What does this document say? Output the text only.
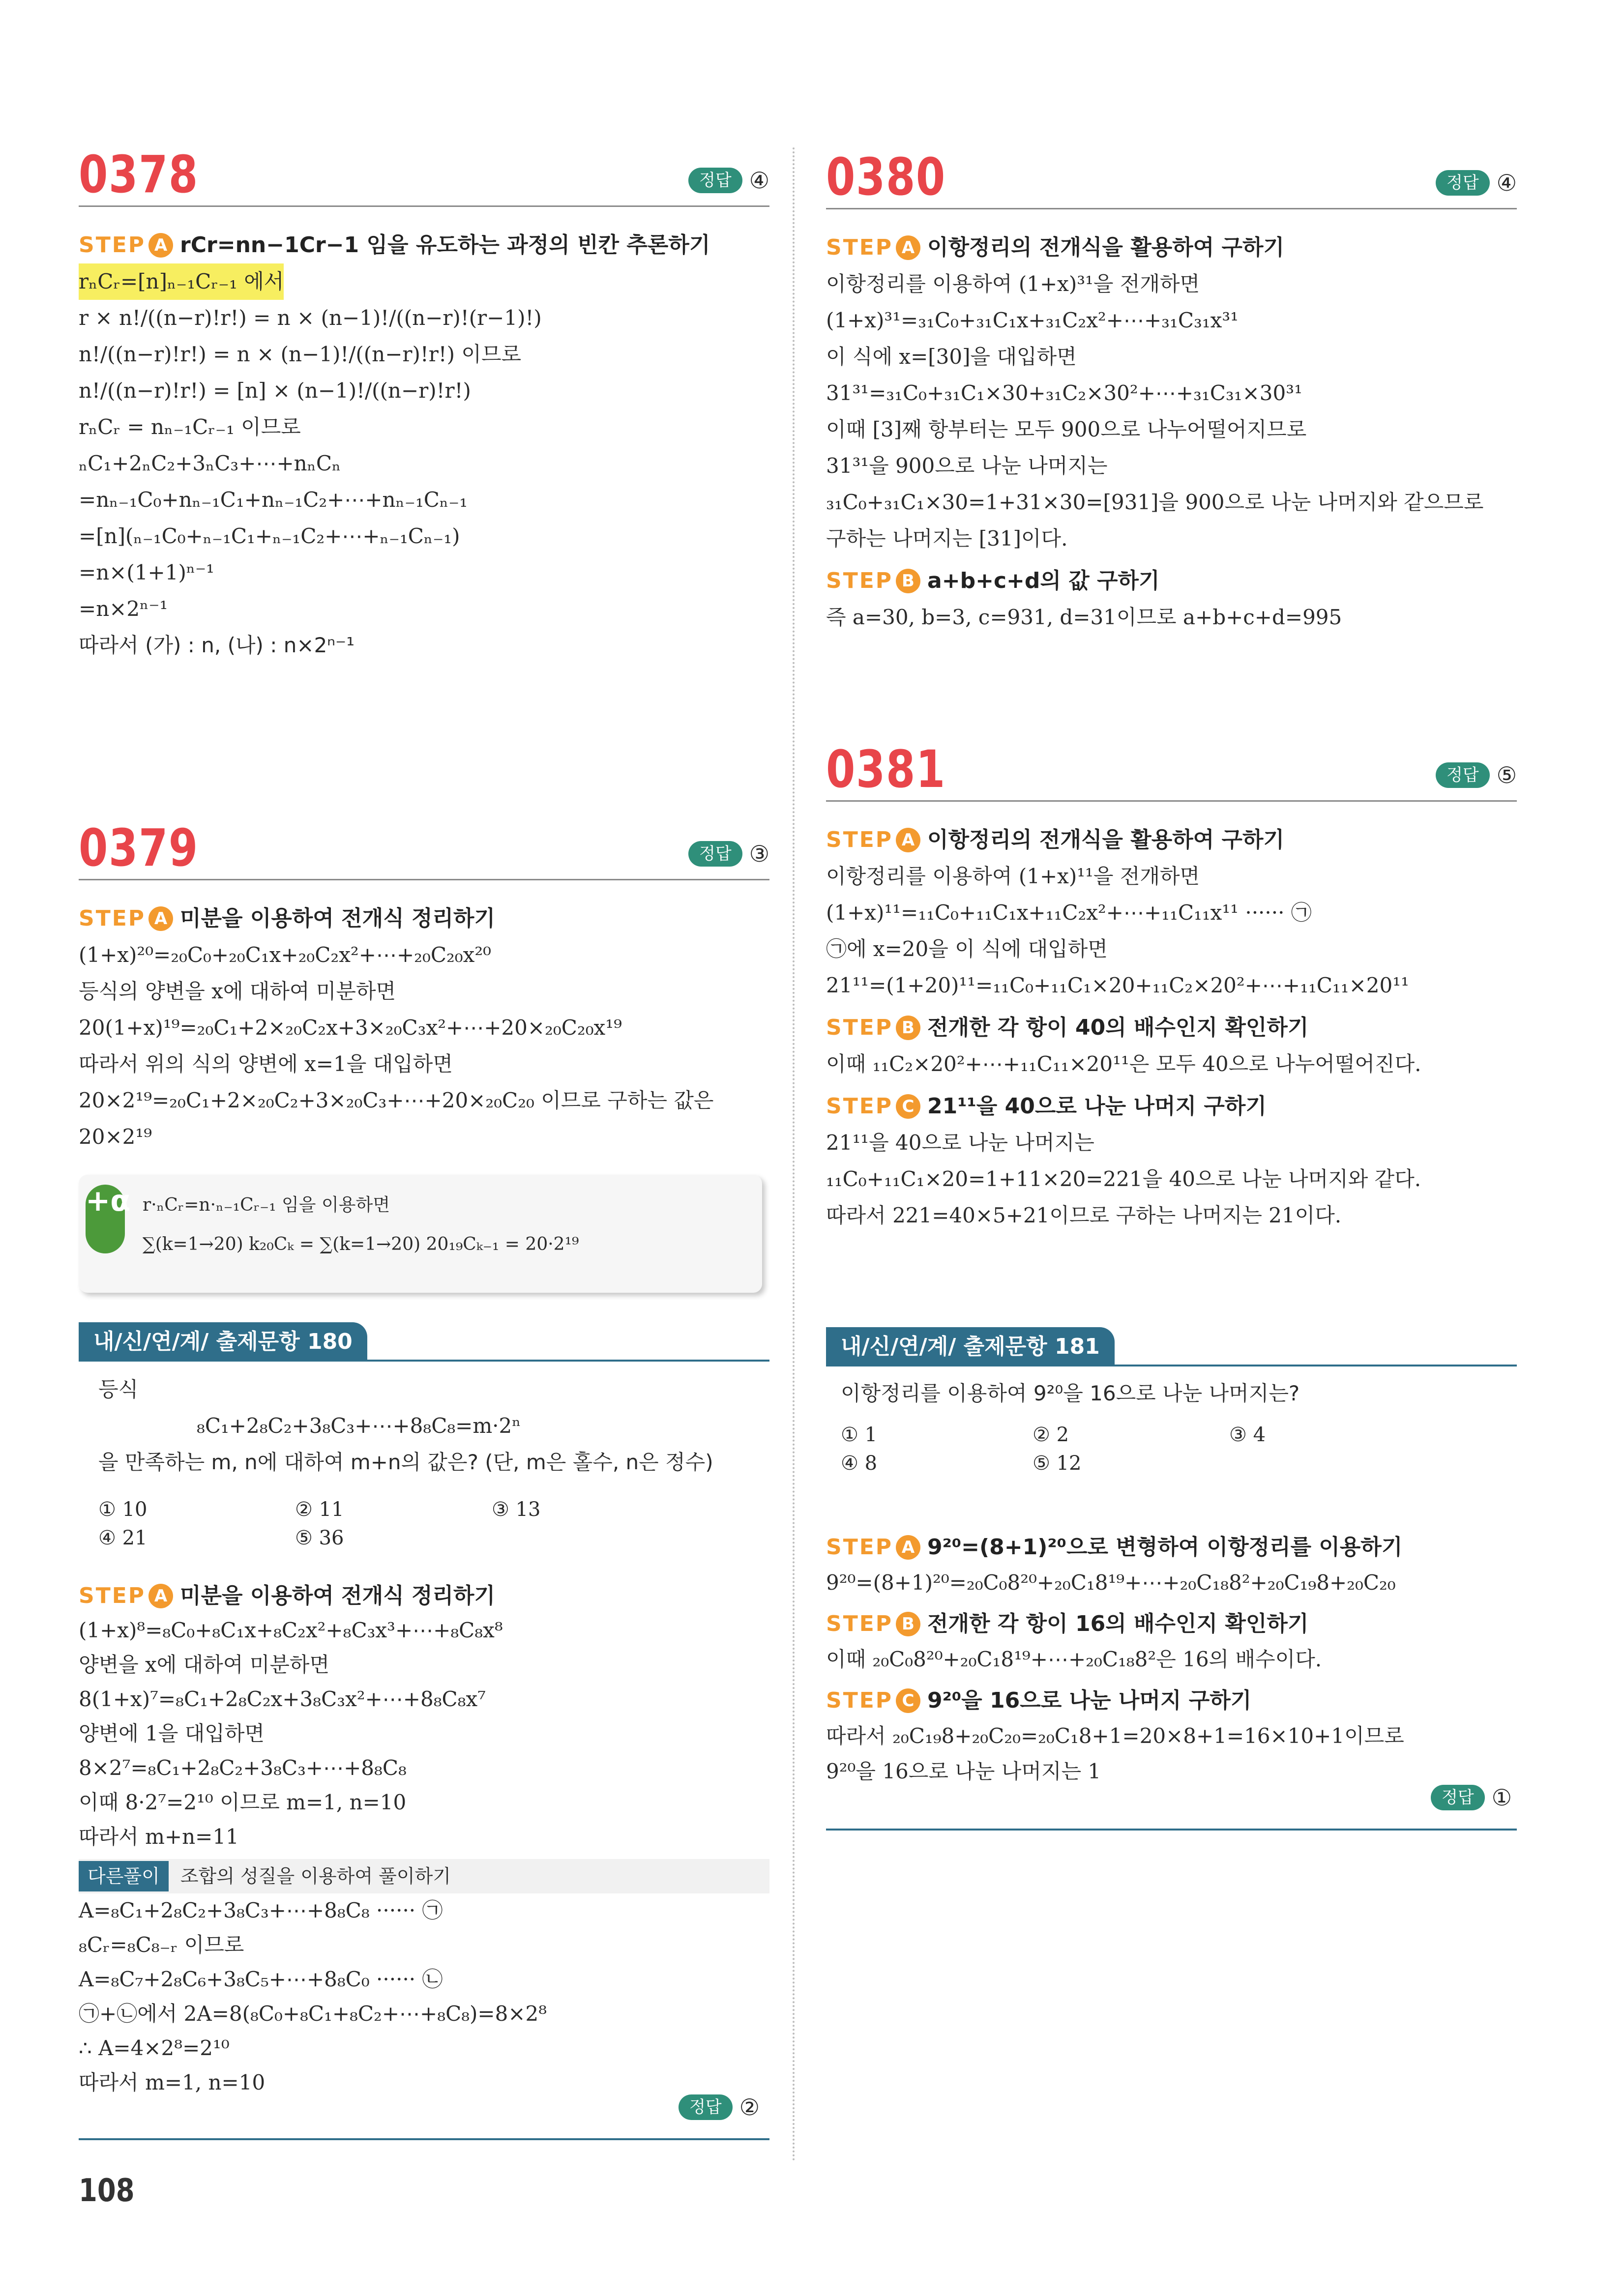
0378	정답 ④
STEP A rCr=nn−1Cr−1 임을 유도하는 과정의 빈칸 추론하기
rₙCᵣ=[n]ₙ₋₁Cᵣ₋₁ 에서
r × n!/((n−r)!r!) = n × (n−1)!/((n−r)!(r−1)!)
n!/((n−r)!r!) = n × (n−1)!/((n−r)!r!) 이므로
n!/((n−r)!r!) = [n] × (n−1)!/((n−r)!r!)
rₙCᵣ = nₙ₋₁Cᵣ₋₁ 이므로
ₙC₁+2ₙC₂+3ₙC₃+⋯+nₙCₙ
=nₙ₋₁C₀+nₙ₋₁C₁+nₙ₋₁C₂+⋯+nₙ₋₁Cₙ₋₁
=[n](ₙ₋₁C₀+ₙ₋₁C₁+ₙ₋₁C₂+⋯+ₙ₋₁Cₙ₋₁)
=n×(1+1)ⁿ⁻¹
=n×2ⁿ⁻¹
따라서 (가) : n, (나) : n×2ⁿ⁻¹
0379	정답 ③
STEP A 미분을 이용하여 전개식 정리하기
(1+x)²⁰=₂₀C₀+₂₀C₁x+₂₀C₂x²+⋯+₂₀C₂₀x²⁰
등식의 양변을 x에 대하여 미분하면
20(1+x)¹⁹=₂₀C₁+2×₂₀C₂x+3×₂₀C₃x²+⋯+20×₂₀C₂₀x¹⁹
따라서 위의 식의 양변에 x=1을 대입하면
20×2¹⁹=₂₀C₁+2×₂₀C₂+3×₂₀C₃+⋯+20×₂₀C₂₀ 이므로 구하는 값은
20×2¹⁹
+α r·ₙCᵣ=n·ₙ₋₁Cᵣ₋₁ 임을 이용하면
∑(k=1→20) k₂₀Cₖ = ∑(k=1→20) 20₁₉Cₖ₋₁ = 20·2¹⁹
내/신/연/계/ 출제문항 180
등식
₈C₁+2₈C₂+3₈C₃+⋯+8₈C₈=m·2ⁿ
을 만족하는 m, n에 대하여 m+n의 값은? (단, m은 홀수, n은 정수)
① 10	② 11	③ 13
④ 21	⑤ 36
STEP A 미분을 이용하여 전개식 정리하기
(1+x)⁸=₈C₀+₈C₁x+₈C₂x²+₈C₃x³+⋯+₈C₈x⁸
양변을 x에 대하여 미분하면
8(1+x)⁷=₈C₁+2₈C₂x+3₈C₃x²+⋯+8₈C₈x⁷
양변에 1을 대입하면
8×2⁷=₈C₁+2₈C₂+3₈C₃+⋯+8₈C₈
이때 8·2⁷=2¹⁰ 이므로 m=1, n=10
따라서 m+n=11
다른풀이	조합의 성질을 이용하여 풀이하기
A=₈C₁+2₈C₂+3₈C₃+⋯+8₈C₈ ······ ㉠
₈Cᵣ=₈C₈₋ᵣ 이므로
A=₈C₇+2₈C₆+3₈C₅+⋯+8₈C₀ ······ ㉡
㉠+㉡에서 2A=8(₈C₀+₈C₁+₈C₂+⋯+₈C₈)=8×2⁸
∴ A=4×2⁸=2¹⁰
따라서 m=1, n=10
정답 ②
0380	정답 ④
STEP A 이항정리의 전개식을 활용하여 구하기
이항정리를 이용하여 (1+x)³¹을 전개하면
(1+x)³¹=₃₁C₀+₃₁C₁x+₃₁C₂x²+⋯+₃₁C₃₁x³¹
이 식에 x=[30]을 대입하면
31³¹=₃₁C₀+₃₁C₁×30+₃₁C₂×30²+⋯+₃₁C₃₁×30³¹
이때 [3]째 항부터는 모두 900으로 나누어떨어지므로
31³¹을 900으로 나눈 나머지는
₃₁C₀+₃₁C₁×30=1+31×30=[931]을 900으로 나눈 나머지와 같으므로
구하는 나머지는 [31]이다.
STEP B a+b+c+d의 값 구하기
즉 a=30, b=3, c=931, d=31이므로 a+b+c+d=995
0381	정답 ⑤
STEP A 이항정리의 전개식을 활용하여 구하기
이항정리를 이용하여 (1+x)¹¹을 전개하면
(1+x)¹¹=₁₁C₀+₁₁C₁x+₁₁C₂x²+⋯+₁₁C₁₁x¹¹ ······ ㉠
㉠에 x=20을 이 식에 대입하면
21¹¹=(1+20)¹¹=₁₁C₀+₁₁C₁×20+₁₁C₂×20²+⋯+₁₁C₁₁×20¹¹
STEP B 전개한 각 항이 40의 배수인지 확인하기
이때 ₁₁C₂×20²+⋯+₁₁C₁₁×20¹¹은 모두 40으로 나누어떨어진다.
STEP C 21¹¹을 40으로 나눈 나머지 구하기
21¹¹을 40으로 나눈 나머지는
₁₁C₀+₁₁C₁×20=1+11×20=221을 40으로 나눈 나머지와 같다.
따라서 221=40×5+21이므로 구하는 나머지는 21이다.
내/신/연/계/ 출제문항 181
이항정리를 이용하여 9²⁰을 16으로 나눈 나머지는?
① 1	② 2	③ 4
④ 8	⑤ 12
STEP A 9²⁰=(8+1)²⁰으로 변형하여 이항정리를 이용하기
9²⁰=(8+1)²⁰=₂₀C₀8²⁰+₂₀C₁8¹⁹+⋯+₂₀C₁₈8²+₂₀C₁₉8+₂₀C₂₀
STEP B 전개한 각 항이 16의 배수인지 확인하기
이때 ₂₀C₀8²⁰+₂₀C₁8¹⁹+⋯+₂₀C₁₈8²은 16의 배수이다.
STEP C 9²⁰을 16으로 나눈 나머지 구하기
따라서 ₂₀C₁₉8+₂₀C₂₀=₂₀C₁8+1=20×8+1=16×10+1이므로
9²⁰을 16으로 나눈 나머지는 1
정답 ①
108
